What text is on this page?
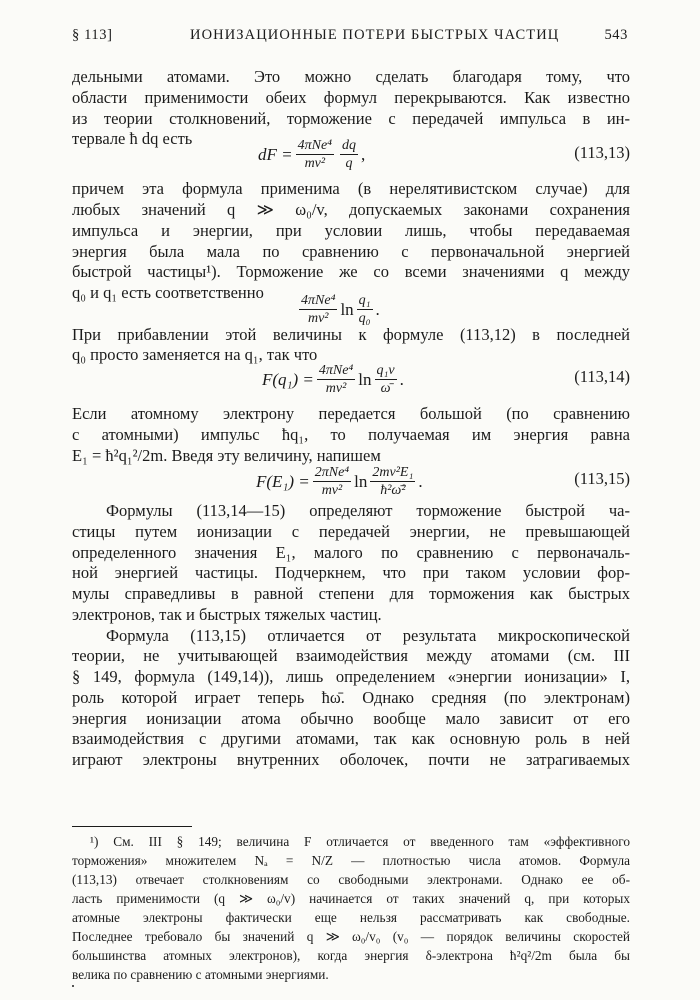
§ 113]	ИОНИЗАЦИОННЫЕ ПОТЕРИ БЫСТРЫХ ЧАСТИЦ	543
дельными атомами. Это можно сделать благодаря тому, что
области применимости обеих формул перекрываются. Как известно
из теории столкновений, торможение с передачей импульса в ин-
тервале ħ dq есть
dF = $\frac{\text{4πNe⁴}}{\text{mv²}} \frac{dq}{q}$ ,	(113,13)
причем эта формула применима (в нерелятивистском случае) для
любых значений q ≫ ω₀/v, допускаемых законами сохранения
импульса и энергии, при условии лишь, чтобы передаваемая
энергия была мала по сравнению с первоначальной энергией
быстрой частицы¹). Торможение же со всеми значениями q между
q₀ и q₁ есть соответственно	$\frac{\text{4πNe⁴}}{\text{mv²}}$ $\ln \frac{\text{q₁}}{\text{q₀}}$ .
При прибавлении этой величины к формуле (113,12) в последней
q₀ просто заменяется на q₁, так что
$F(q_1) = \frac{\text{4πNe⁴}}{\text{mv²}}$ $\ln \frac{\text{q₁v}}{\omegā}$ .	(113,14)
Если атомному электрону передается большой (по сравнению
с атомными) импульс ħq₁, то получаемая им энергия равна
E₁ = ħ²q₁²/2m. Введя эту величину, напишем
$F(E_1) = \frac{\text{2πNe⁴}}{\text{mv²}}$ $\ln \frac{\text{2mv²E₁}}{\text{ħ²ω̄²}}$ .	(113,15)
Формулы (113,14—15) определяют торможение быстрой ча-
стицы путем ионизации с передачей энергии, не превышающей
определенного значения E₁, малого по сравнению с первоначаль-
ной энергией частицы. Подчеркнем, что при таком условии фор-
мулы справедливы в равной степени для торможения как быстрых
электронов, так и быстрых тяжелых частиц.
Формула (113,15) отличается от результата микроскопической
теории, не учитывающей взаимодействия между атомами (см. III
§ 149, формула (149,14)), лишь определением «энергии ионизации» I,
роль которой играет теперь ħω̄. Однако средняя (по электронам)
энергия ионизации атома обычно вообще мало зависит от его
взаимодействия с другими атомами, так как основную роль в ней
играют электроны внутренних оболочек, почти не затрагиваемых
¹) См. III § 149; величина F отличается от введенного там «эффективного
торможения» множителем Nₐ = N/Z — плотностью числа атомов. Формула
(113,13) отвечает столкновениям со свободными электронами. Однако ее об-
ласть применимости (q ≫ ω₀/v) начинается от таких значений q, при которых
атомные электроны фактически еще нельзя рассматривать как свободные.
Последнее требовало бы значений q ≫ ω₀/v₀ (v₀ — порядок величины скоростей
большинства атомных электронов), когда энергия δ-электрона ħ²q²/2m была бы
велика по сравнению с атомными энергиями.
